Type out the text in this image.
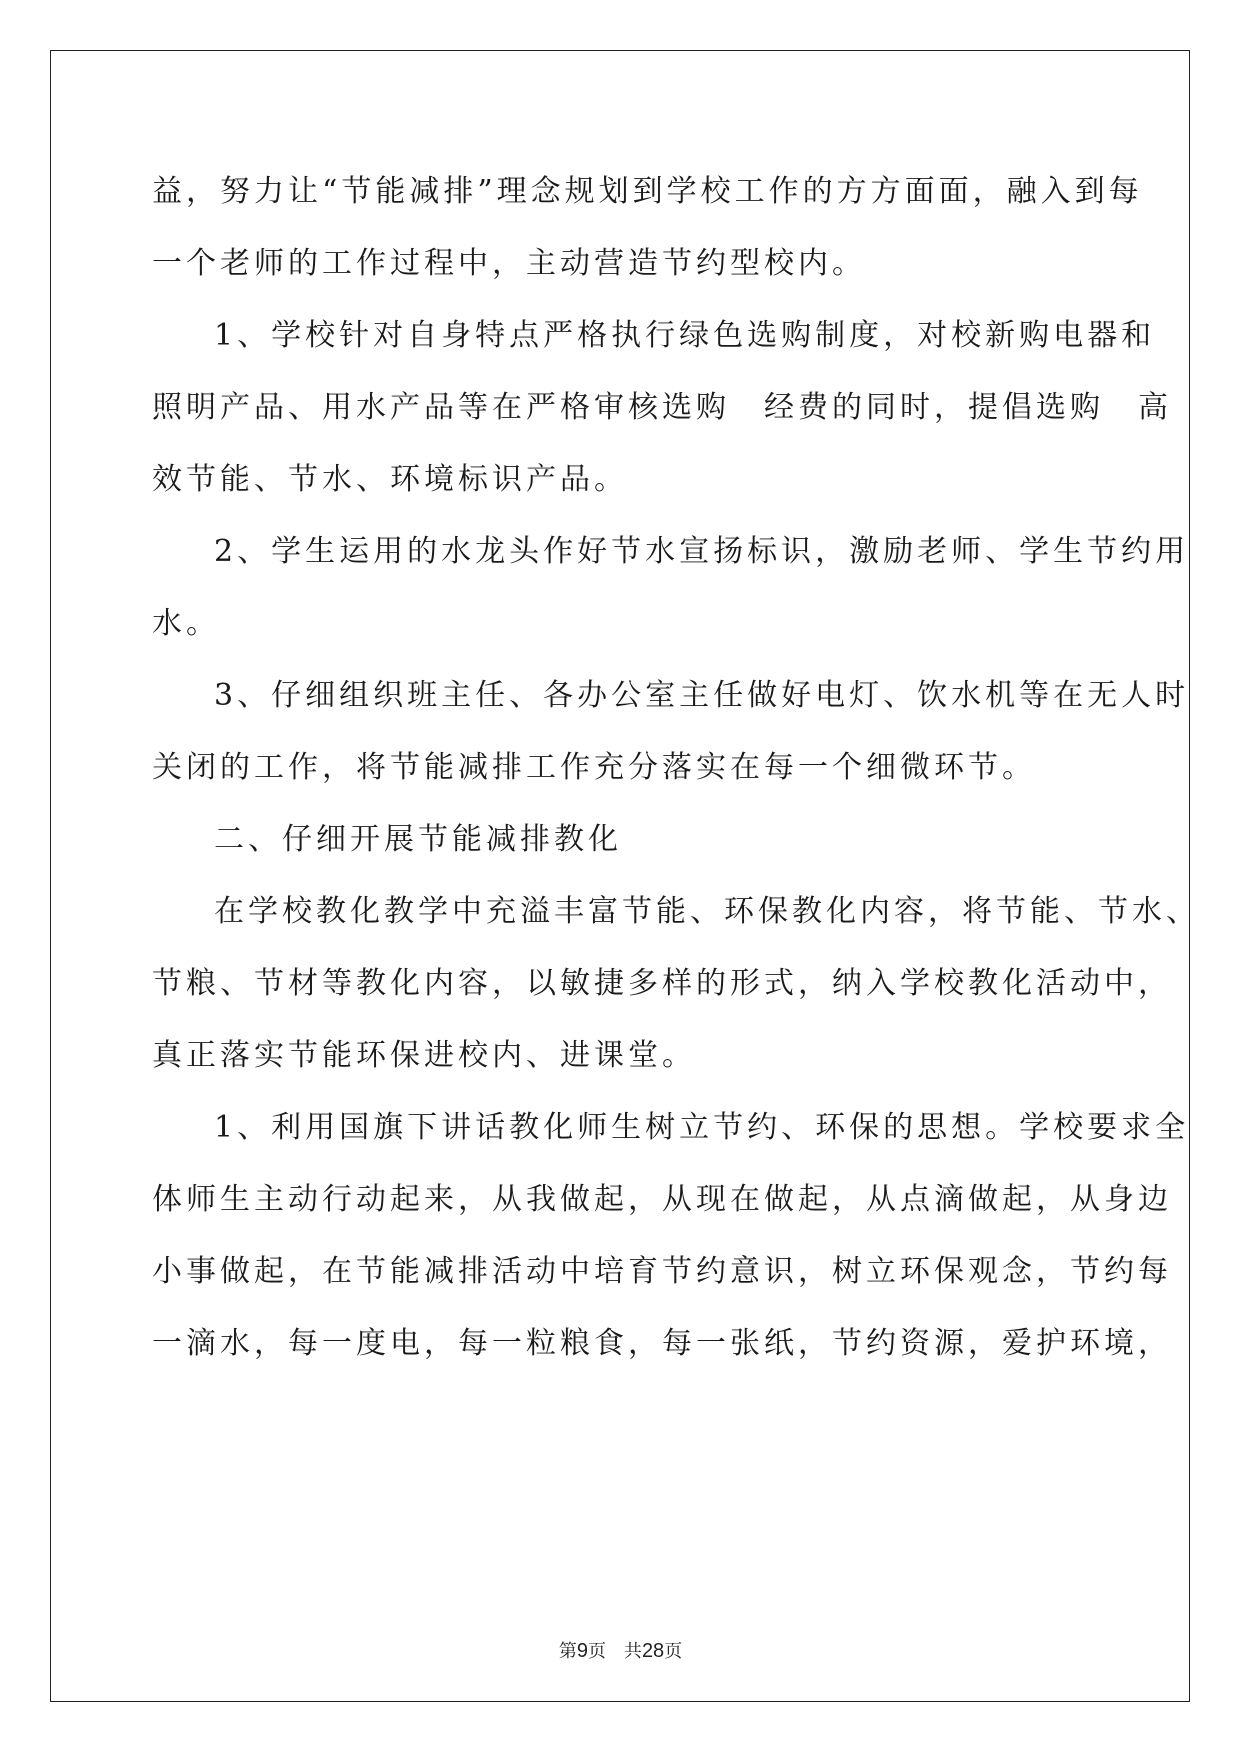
益，努力让“节能减排”理念规划到学校工作的方方面面，融入到每
一个老师的工作过程中，主动营造节约型校内。
1、学校针对自身特点严格执行绿色选购制度，对校新购电器和
照明产品、用水产品等在严格审核选购　经费的同时，提倡选购　高
效节能、节水、环境标识产品。
2、学生运用的水龙头作好节水宣扬标识，激励老师、学生节约用
水。
3、仔细组织班主任、各办公室主任做好电灯、饮水机等在无人时
关闭的工作，将节能减排工作充分落实在每一个细微环节。
二、仔细开展节能减排教化
在学校教化教学中充溢丰富节能、环保教化内容，将节能、节水、
节粮、节材等教化内容，以敏捷多样的形式，纳入学校教化活动中，
真正落实节能环保进校内、进课堂。
1、利用国旗下讲话教化师生树立节约、环保的思想。学校要求全
体师生主动行动起来，从我做起，从现在做起，从点滴做起，从身边
小事做起，在节能减排活动中培育节约意识，树立环保观念，节约每
一滴水，每一度电，每一粒粮食，每一张纸，节约资源，爱护环境，
第9页　共28页
